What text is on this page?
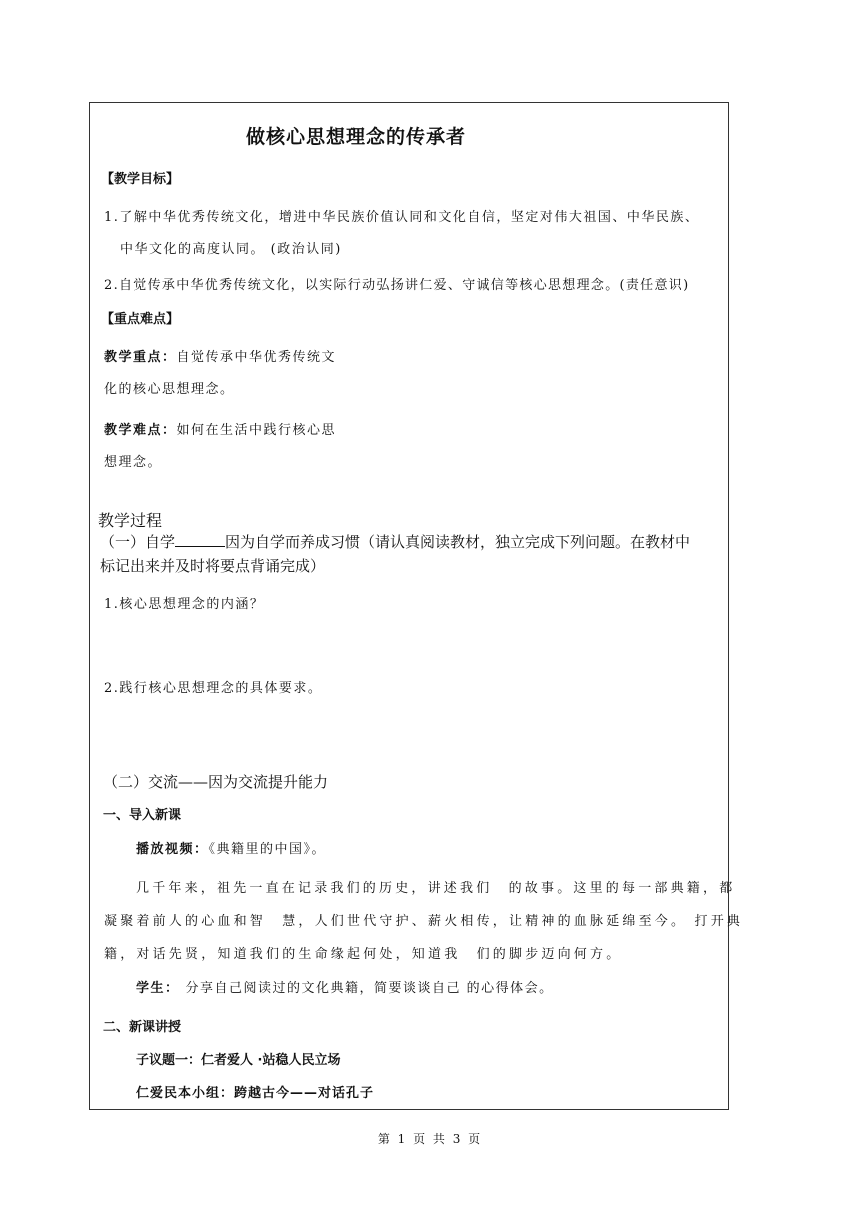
做核心思想理念的传承者
【教学目标】
1.了解中华优秀传统文化，增进中华民族价值认同和文化自信，坚定对伟大祖国、中华民族、
中华文化的高度认同。 (政治认同)
2.自觉传承中华优秀传统文化，以实际行动弘扬讲仁爱、守诚信等核心思想理念。(责任意识)
【重点难点】
教学重点：自觉传承中华优秀传统文
化的核心思想理念。
教学难点：如何在生活中践行核心思
想理念。
教学过程
（一）自学	因为自学而养成习惯（请认真阅读教材，独立完成下列问题。在教材中
标记出来并及时将要点背诵完成）
1.核心思想理念的内涵？
2.践行核心思想理念的具体要求。
（二）交流——因为交流提升能力
一、导入新课
播放视频：《典籍里的中国》。
几千年来，祖先一直在记录我们的历史，讲述我们　的故事。这里的每一部典籍，都
凝聚着前人的心血和智　慧，人们世代守护、薪火相传，让精神的血脉延绵至今。 打开典
籍，对话先贤，知道我们的生命缘起何处，知道我　们的脚步迈向何方。
学生： 分享自己阅读过的文化典籍，简要谈谈自己 的心得体会。
二、新课讲授
子议题一：仁者爱人 ·站稳人民立场
仁爱民本小组：跨越古今——对话孔子
第 1 页 共 3 页
